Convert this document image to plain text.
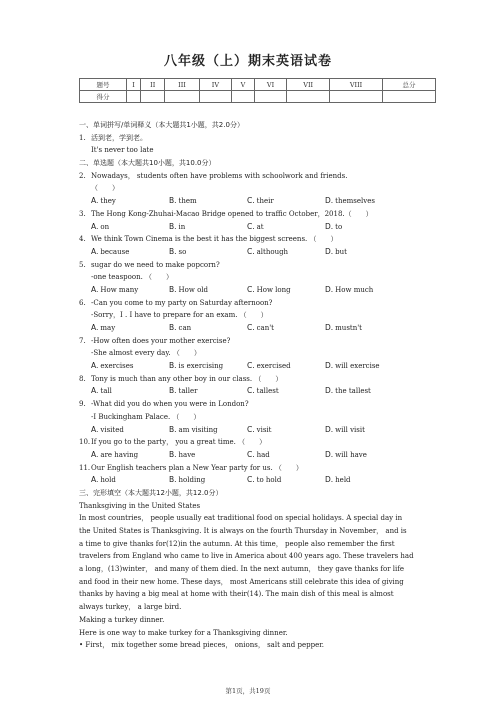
八年级（上）期末英语试卷
题号	I	II	III	IV	V	VI	VII	VIII	总分
得分									
一、单词拼写/单词释义（本大题共1小题，共2.0分）
1. 活到老，学到老。
It's never too late
二、单选题（本大题共10小题，共10.0分）
2. Nowadays， students often have problems with schoolwork and friends.
（　　）
A. they	B. them	C. their	D. themselves
3. The Hong Kong-Zhuhai-Macao Bridge opened to traffic October，2018.（　　）
A. on	B. in	C. at	D. to
4. We think Town Cinema is the best it has the biggest screens. （　　）
A. because	B. so	C. although	D. but
5. sugar do we need to make popcorn?
-one teaspoon. （　　）
A. How many	B. How old	C. How long	D. How much
6. -Can you come to my party on Saturday afternoon?
-Sorry，I . I have to prepare for an exam. （　　）
A. may	B. can	C. can't	D. mustn't
7. -How often does your mother exercise?
-She almost every day. （　　）
A. exercises	B. is exercising	C. exercised	D. will exercise
8. Tony is much than any other boy in our class. （　　）
A. tall	B. taller	C. tallest	D. the tallest
9. -What did you do when you were in London?
-I Buckingham Palace. （　　）
A. visited	B. am visiting	C. visit	D. will visit
10. If you go to the party， you a great time. （　　）
A. are having	B. have	C. had	D. will have
11. Our English teachers plan a New Year party for us. （　　）
A. hold	B. holding	C. to hold	D. held
三、完形填空（本大题共12小题，共12.0分）
Thanksgiving in the United States
In most countries， people usually eat traditional food on special holidays. A special day in
the United States is Thanksgiving. It is always on the fourth Thursday in November， and is
a time to give thanks for(12)in the autumn. At this time， people also remember the first
travelers from England who came to live in America about 400 years ago. These travelers had
a long，(13)winter， and many of them died. In the next autumn， they gave thanks for life
and food in their new home. These days， most Americans still celebrate this idea of giving
thanks by having a big meal at home with their(14). The main dish of this meal is almost
always turkey， a large bird.
Making a turkey dinner.
Here is one way to make turkey for a Thanksgiving dinner.
• First， mix together some bread pieces， onions， salt and pepper.
第1页，共19页
